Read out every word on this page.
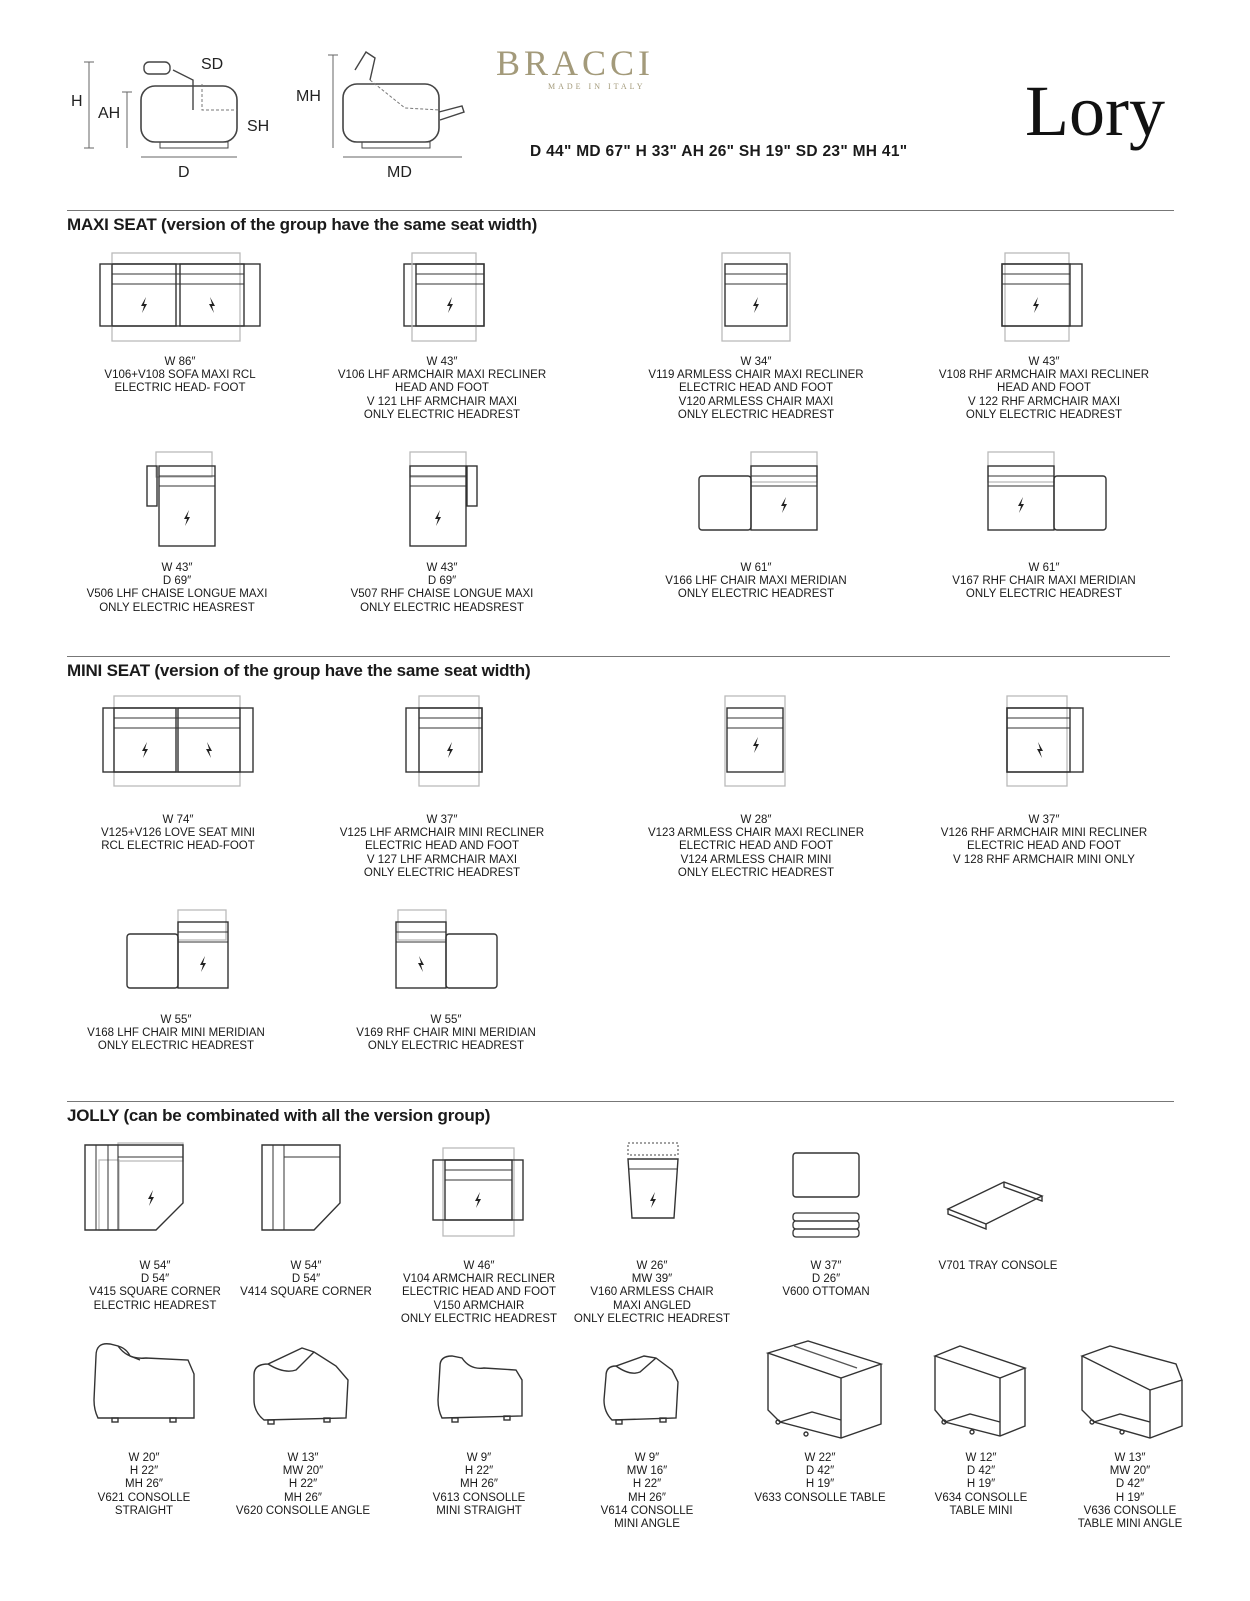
H
AH
SD
SH
D
MH
MD
BRACCI
MADE IN ITALY	Lory
D 44" MD 67" H 33" AH 26" SH 19" SD 23" MH 41"
MAXI SEAT (version of the group have the same seat width)
MINI SEAT (version of the group have the same seat width)
JOLLY (can be combinated with all the version group)
W 86″
V106+V108 SOFA MAXI RCL
ELECTRIC HEAD- FOOT
W 43″
V106 LHF ARMCHAIR MAXI RECLINER
HEAD AND FOOT
V 121 LHF ARMCHAIR MAXI
ONLY ELECTRIC HEADREST
W 34″
V119 ARMLESS CHAIR MAXI RECLINER
ELECTRIC HEAD AND FOOT
V120 ARMLESS CHAIR MAXI
ONLY ELECTRIC HEADREST
W 43″
V108 RHF ARMCHAIR MAXI RECLINER
HEAD AND FOOT
V 122 RHF ARMCHAIR MAXI
ONLY ELECTRIC HEADREST
W 43″
D 69″
V506 LHF CHAISE LONGUE MAXI
ONLY ELECTRIC HEASREST
W 43″
D 69″
V507 RHF CHAISE LONGUE MAXI
ONLY ELECTRIC HEADSREST
W 61″
V166 LHF CHAIR MAXI MERIDIAN
ONLY ELECTRIC HEADREST
W 61″
V167 RHF CHAIR MAXI MERIDIAN
ONLY ELECTRIC HEADREST
W 74″
V125+V126 LOVE SEAT MINI
RCL ELECTRIC HEAD-FOOT
W 37″
V125 LHF ARMCHAIR MINI RECLINER
ELECTRIC HEAD AND FOOT
V 127 LHF ARMCHAIR MAXI
ONLY ELECTRIC HEADREST
W 28″
V123 ARMLESS CHAIR MAXI RECLINER
ELECTRIC HEAD AND FOOT
V124 ARMLESS CHAIR MINI
ONLY ELECTRIC HEADREST
W 37″
V126 RHF ARMCHAIR MINI RECLINER
ELECTRIC HEAD AND FOOT
V 128 RHF ARMCHAIR MINI ONLY
W 55″
V168 LHF CHAIR MINI MERIDIAN
ONLY ELECTRIC HEADREST
W 55″
V169 RHF CHAIR MINI MERIDIAN
ONLY ELECTRIC HEADREST
W 54″
D 54″
V415 SQUARE CORNER
ELECTRIC HEADREST
W 54″
D 54″
V414 SQUARE CORNER
W 46″
V104 ARMCHAIR RECLINER
ELECTRIC HEAD AND FOOT
V150 ARMCHAIR
ONLY ELECTRIC HEADREST
W 26″
MW 39″
V160 ARMLESS CHAIR
MAXI ANGLED
ONLY ELECTRIC HEADREST
W 37″
D 26″
V600 OTTOMAN
V701 TRAY CONSOLE
W 20″
H 22″
MH 26″
V621 CONSOLLE
STRAIGHT
W 13″
MW 20″
H 22″
MH 26″
V620 CONSOLLE ANGLE
W 9″
H 22″
MH 26″
V613 CONSOLLE
MINI STRAIGHT
W 9″
MW 16″
H 22″
MH 26″
V614 CONSOLLE
MINI ANGLE
W 22″
D 42″
H 19″
V633 CONSOLLE TABLE
W 12″
D 42″
H 19″
V634 CONSOLLE
TABLE MINI
W 13″
MW 20″
D 42″
H 19″
V636 CONSOLLE
TABLE MINI ANGLE
